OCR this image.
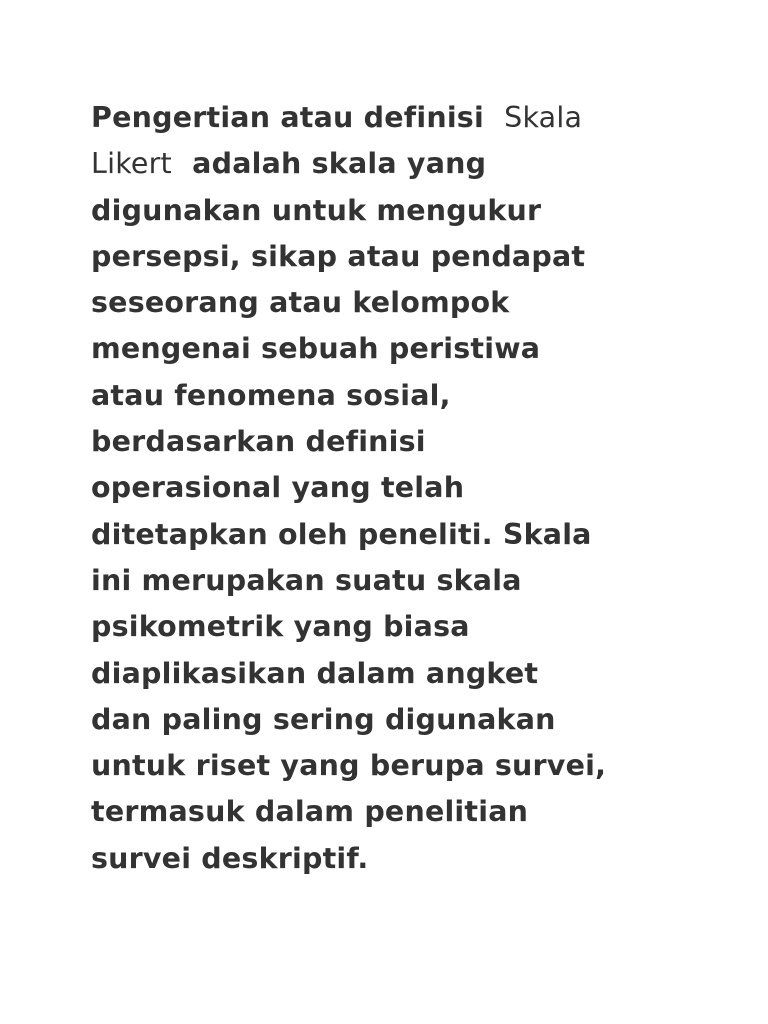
Pengertian atau definisi  Skala
Likert  adalah skala yang
digunakan untuk mengukur
persepsi, sikap atau pendapat
seseorang atau kelompok
mengenai sebuah peristiwa
atau fenomena sosial,
berdasarkan definisi
operasional yang telah
ditetapkan oleh peneliti. Skala
ini merupakan suatu skala
psikometrik yang biasa
diaplikasikan dalam angket
dan paling sering digunakan
untuk riset yang berupa survei,
termasuk dalam penelitian
survei deskriptif.
